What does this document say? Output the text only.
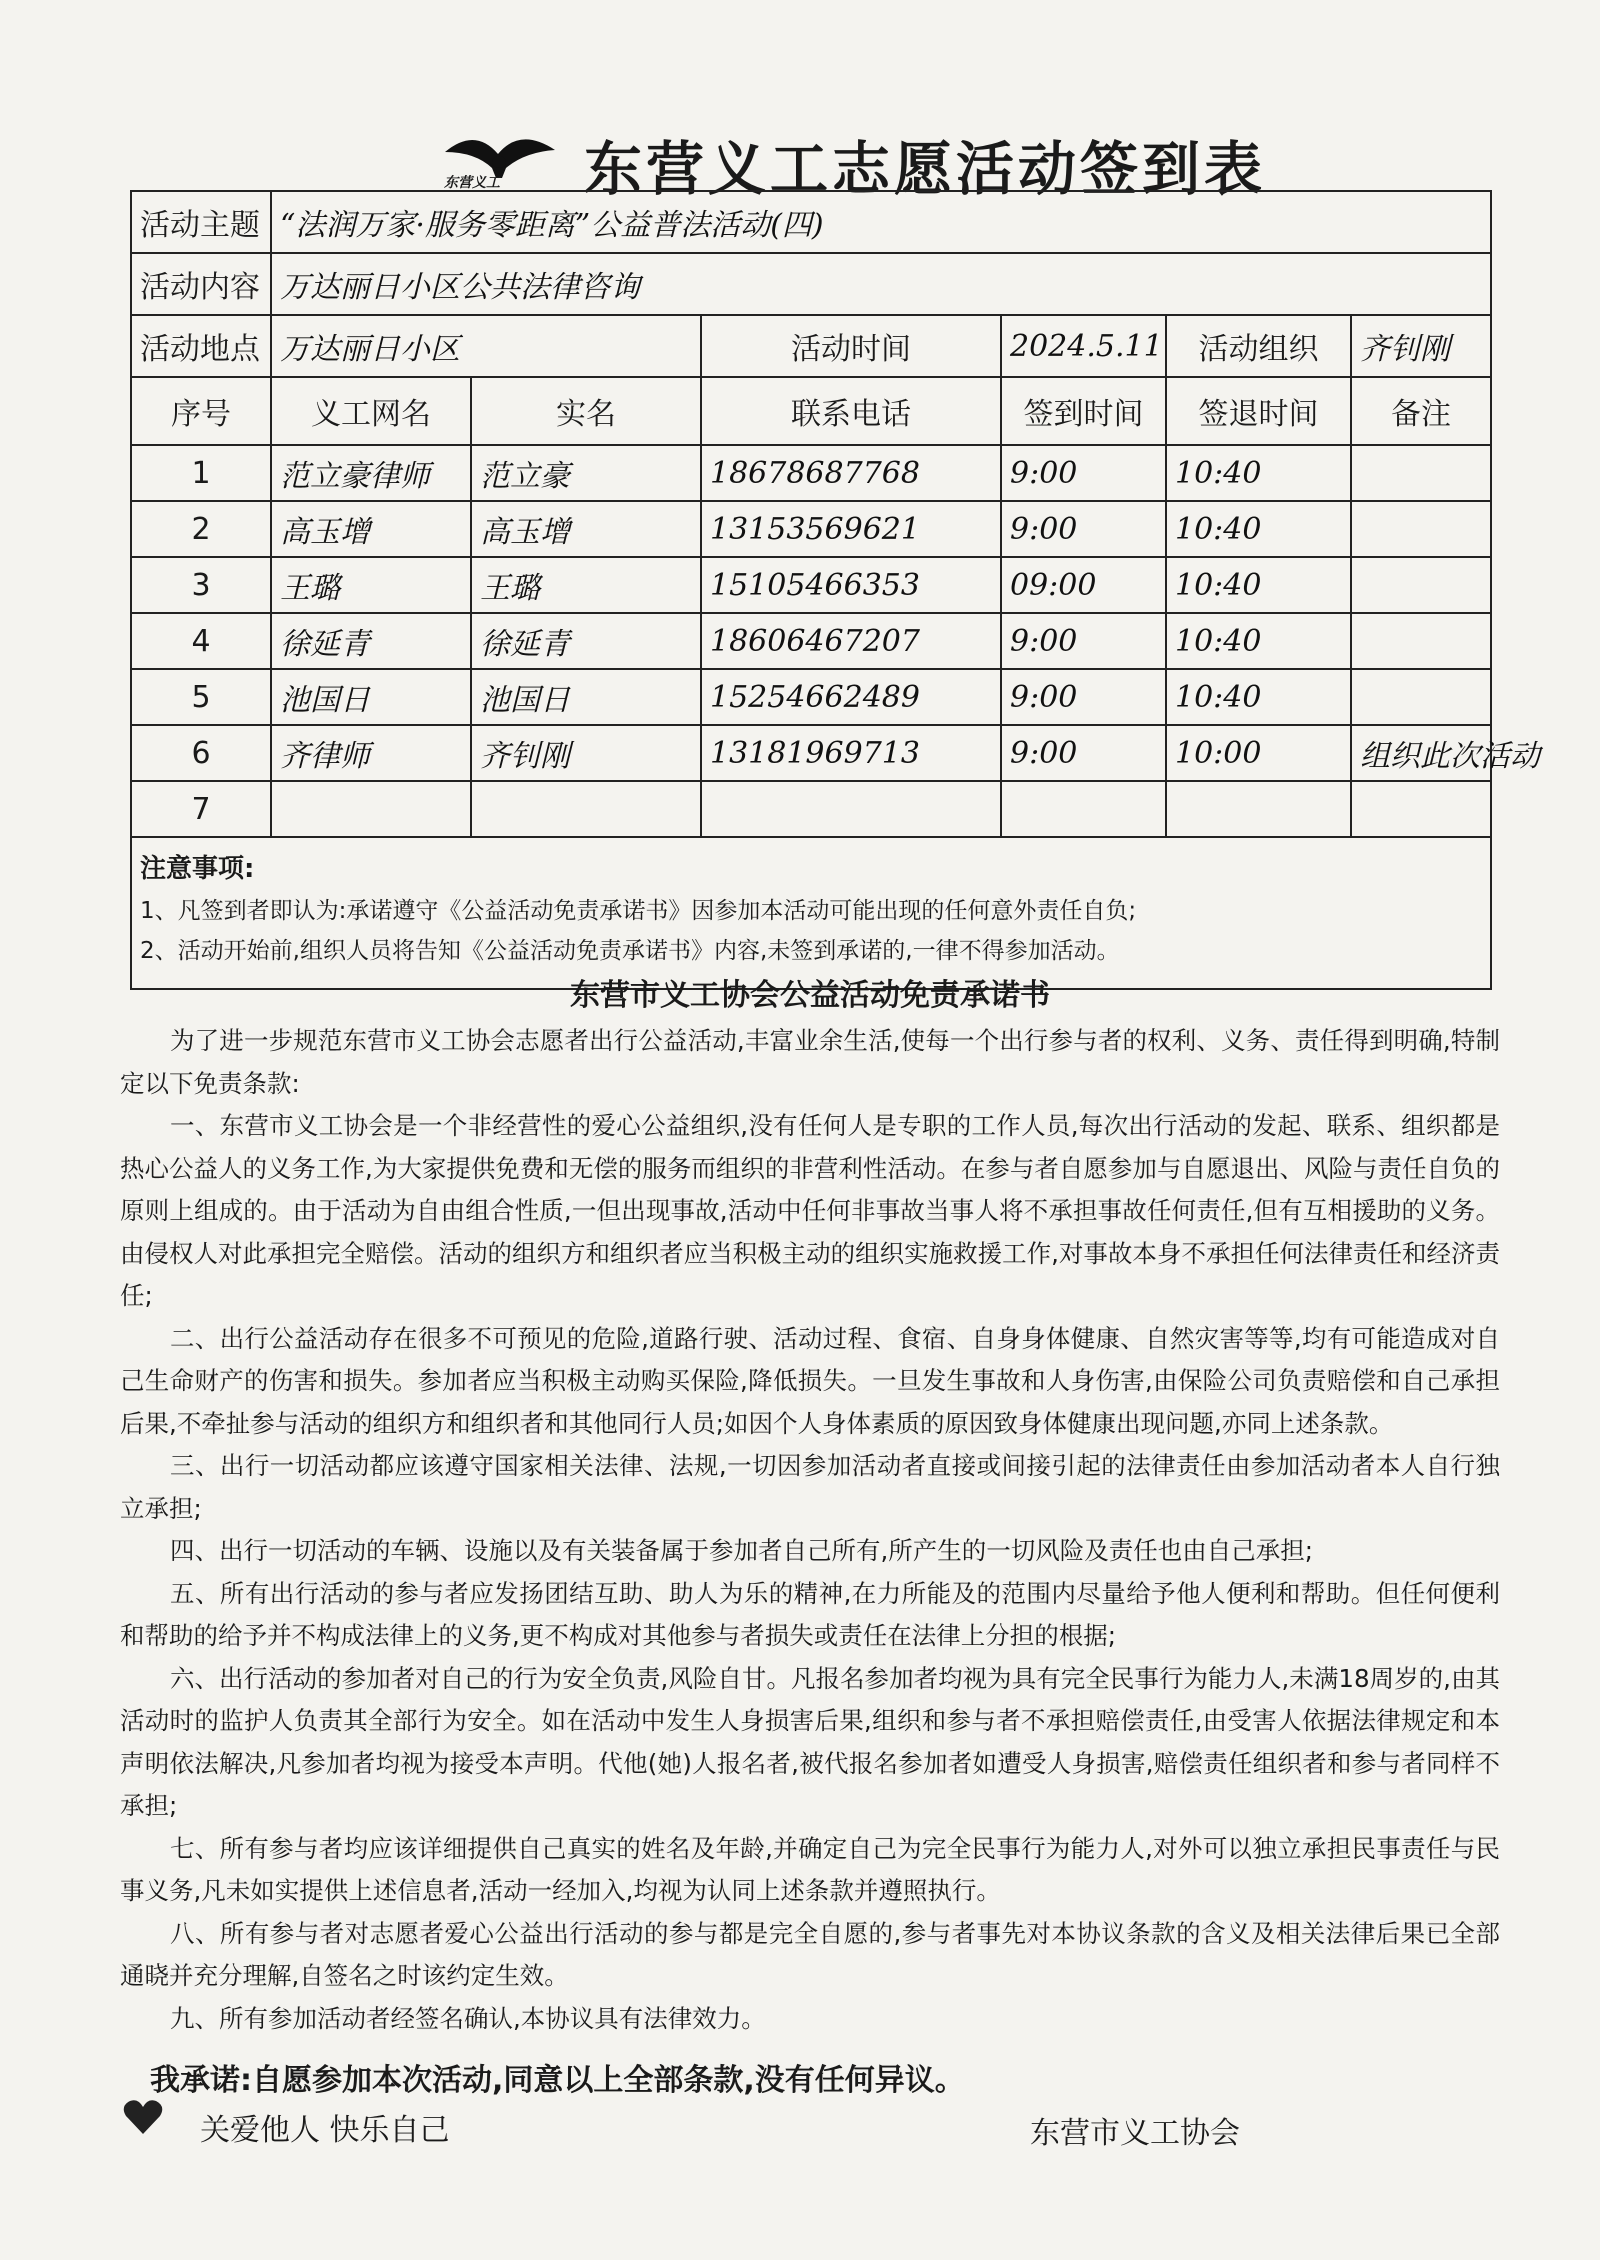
东营义工 东营义工志愿活动签到表
活动主题	“法润万家·服务零距离”公益普法活动(四)					
活动内容	万达丽日小区公共法律咨询					
活动地点	万达丽日小区		活动时间	2024.5.11	活动组织	齐钊刚
序号	义工网名	实名	联系电话	签到时间	签退时间	备注
1	范立豪律师	范立豪	18678687768	9:00	10:40	
2	高玉增	高玉增	13153569621	9:00	10:40	
3	王璐	王璐	15105466353	09:00	10:40	
4	徐延青	徐延青	18606467207	9:00	10:40	
5	池国日	池国日	15254662489	9:00	10:40	
6	齐律师	齐钊刚	13181969713	9:00	10:00	组织此次活动
7						

注意事项:
1、凡签到者即认为:承诺遵守《公益活动免责承诺书》因参加本活动可能出现的任何意外责任自负;
2、活动开始前,组织人员将告知《公益活动免责承诺书》内容,未签到承诺的,一律不得参加活动。						
东营市义工协会公益活动免责承诺书

为了进一步规范东营市义工协会志愿者出行公益活动,丰富业余生活,使每一个出行参与者的权利、义务、责任得到明确,特制定以下免责条款:

一、东营市义工协会是一个非经营性的爱心公益组织,没有任何人是专职的工作人员,每次出行活动的发起、联系、组织都是热心公益人的义务工作,为大家提供免费和无偿的服务而组织的非营利性活动。在参与者自愿参加与自愿退出、风险与责任自负的原则上组成的。由于活动为自由组合性质,一但出现事故,活动中任何非事故当事人将不承担事故任何责任,但有互相援助的义务。由侵权人对此承担完全赔偿。活动的组织方和组织者应当积极主动的组织实施救援工作,对事故本身不承担任何法律责任和经济责任;

二、出行公益活动存在很多不可预见的危险,道路行驶、活动过程、食宿、自身身体健康、自然灾害等等,均有可能造成对自己生命财产的伤害和损失。参加者应当积极主动购买保险,降低损失。一旦发生事故和人身伤害,由保险公司负责赔偿和自己承担后果,不牵扯参与活动的组织方和组织者和其他同行人员;如因个人身体素质的原因致身体健康出现问题,亦同上述条款。

三、出行一切活动都应该遵守国家相关法律、法规,一切因参加活动者直接或间接引起的法律责任由参加活动者本人自行独立承担;

四、出行一切活动的车辆、设施以及有关装备属于参加者自己所有,所产生的一切风险及责任也由自己承担;

五、所有出行活动的参与者应发扬团结互助、助人为乐的精神,在力所能及的范围内尽量给予他人便利和帮助。但任何便利和帮助的给予并不构成法律上的义务,更不构成对其他参与者损失或责任在法律上分担的根据;

六、出行活动的参加者对自己的行为安全负责,风险自甘。凡报名参加者均视为具有完全民事行为能力人,未满18周岁的,由其活动时的监护人负责其全部行为安全。如在活动中发生人身损害后果,组织和参与者不承担赔偿责任,由受害人依据法律规定和本声明依法解决,凡参加者均视为接受本声明。代他(她)人报名者,被代报名参加者如遭受人身损害,赔偿责任组织者和参与者同样不承担;

七、所有参与者均应该详细提供自己真实的姓名及年龄,并确定自己为完全民事行为能力人,对外可以独立承担民事责任与民事义务,凡未如实提供上述信息者,活动一经加入,均视为认同上述条款并遵照执行。

八、所有参与者对志愿者爱心公益出行活动的参与都是完全自愿的,参与者事先对本协议条款的含义及相关法律后果已全部通晓并充分理解,自签名之时该约定生效。

九、所有参加活动者经签名确认,本协议具有法律效力。

我承诺:自愿参加本次活动,同意以上全部条款,没有任何异议。
关爱他人 快乐自己	东营市义工协会
